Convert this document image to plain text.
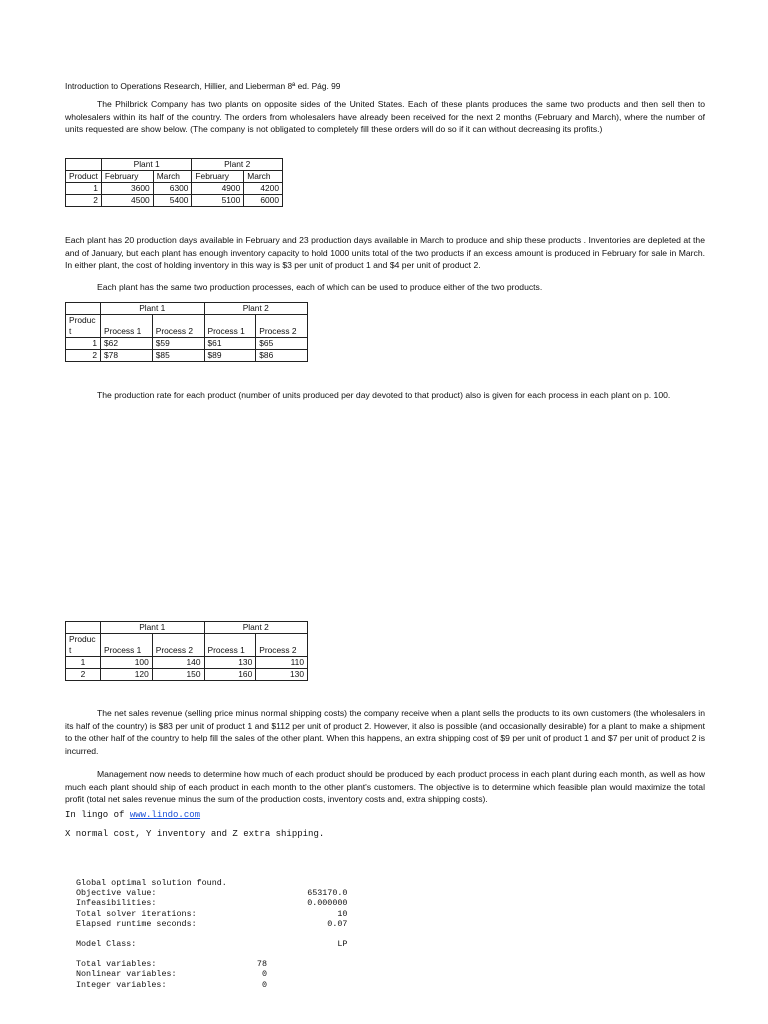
Introduction to Operations Research, Hillier, and Lieberman 8ª ed. Pág. 99

The Philbrick Company has two plants on opposite sides of the United States. Each of these plants produces the same two products and then sell then to wholesalers within its half of the country. The orders from wholesalers have already been received for the next 2 months (February and March), where the number of units requested are show below. (The company is not obligated to completely fill these orders will do so if it can without decreasing its profits.)

	Plant 1		Plant 2	
Product	February	March	February	March
1	3600	6300	4900	4200
2	4500	5400	5100	6000

Each plant has 20 production days available in February and 23 production days available in March to produce and ship these products . Inventories are depleted at the and of January, but each plant has enough inventory capacity to hold 1000 units total of the two products if an excess amount is produced in February for sale in March. In either plant, the cost of holding inventory in this way is $3 per unit of product 1 and $4 per unit of product 2.

Each plant has the same two production processes, each of which can be used to produce either of the two products.

	Plant 1		Plant 2	
Produc
t	Process 1	Process 2	Process 1	Process 2
1	$62	$59	$61	$65
2	$78	$85	$89	$86

The production rate for each product (number of units produced per day devoted to that product) also is given for each process in each plant on p. 100.

	Plant 1		Plant 2	
Produc
t	Process 1	Process 2	Process 1	Process 2
1	100	140	130	110
2	120	150	160	130

The net sales revenue (selling price minus normal shipping costs) the company receive when a plant sells the products to its own customers (the wholesalers in its half of the country) is $83 per unit of product 1 and $112 per unit of product 2. However, it also is possible (and occasionally desirable) for a plant to make a shipment to the other half of the country to help fill the sales of the other plant. When this happens, an extra shipping cost of $9 per unit of product 1 and $7 per unit of product 2 is incurred.

Management now needs to determine how much of each product should be produced by each product process in each plant during each month, as well as how much each plant should ship of each product in each month to the other plant's customers. The objective is to determine which feasible plan would maximize the total profit (total net sales revenue minus the sum of the production costs, inventory costs and, extra shipping costs).

In lingo of www.lindo.com
X normal cost, Y inventory and Z extra shipping.
Global optimal solution found.
Objective value:                              653170.0
Infeasibilities:                              0.000000
Total solver iterations:                            10
Elapsed runtime seconds:                          0.07
Model Class:                                        LP
Total variables:                    78
Nonlinear variables:                 0
Integer variables:                   0
